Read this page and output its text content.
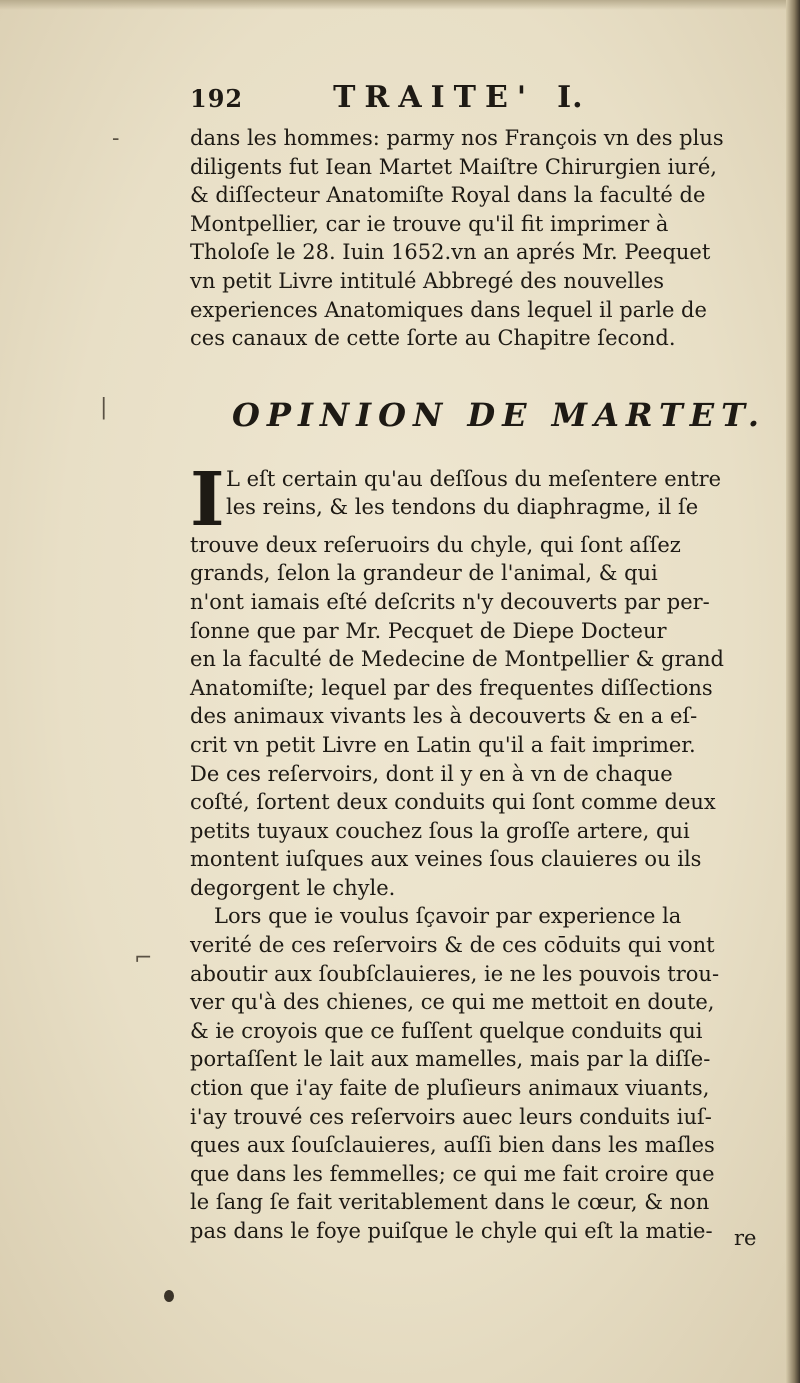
‐
|
⌐
192	TRAITE' I.
dans les hommes: parmy nos François vn des plus
diligents fut Iean Martet Maiſtre Chirurgien iuré,
& diſſecteur Anatomiſte Royal dans la faculté de
Montpellier, car ie trouve qu'il fit imprimer à
Tholoſe le 28. Iuin 1652.vn an aprés Mr. Peequet
vn petit Livre intitulé Abbregé des nouvelles
experiences Anatomiques dans lequel il parle de
ces canaux de cette ſorte au Chapitre ſecond.
OPINION DE MARTET.
I L eſt certain qu'au deſſous du meſentere entre
les reins, & les tendons du diaphragme, il ſe
trouve deux reſeruoirs du chyle, qui ſont aſſez
grands, ſelon la grandeur de l'animal, & qui
n'ont iamais eſté deſcrits n'y decouverts par per-
ſonne que par Mr. Pecquet de Diepe Docteur
en la faculté de Medecine de Montpellier & grand
Anatomiſte; lequel par des frequentes diſſections
des animaux vivants les à decouverts & en a eſ-
crit vn petit Livre en Latin qu'il a fait imprimer.
De ces reſervoirs, dont il y en à vn de chaque
coſté, ſortent deux conduits qui ſont comme deux
petits tuyaux couchez ſous la groſſe artere, qui
montent iuſques aux veines ſous clauieres ou ils
degorgent le chyle.
Lors que ie voulus ſçavoir par experience la
verité de ces reſervoirs & de ces cōduits qui vont
aboutir aux ſoubſclauieres, ie ne les pouvois trou-
ver qu'à des chienes, ce qui me mettoit en doute,
& ie croyois que ce fuſſent quelque conduits qui
portaſſent le lait aux mamelles, mais par la diſſe-
ction que i'ay faite de pluſieurs animaux viuants,
i'ay trouvé ces reſervoirs auec leurs conduits iuſ-
ques aux ſouſclauieres, auſſi bien dans les maſles
que dans les femmelles; ce qui me fait croire que
le ſang ſe fait veritablement dans le cœur, & non
pas dans le foye puiſque le chyle qui eſt la matie-	re
